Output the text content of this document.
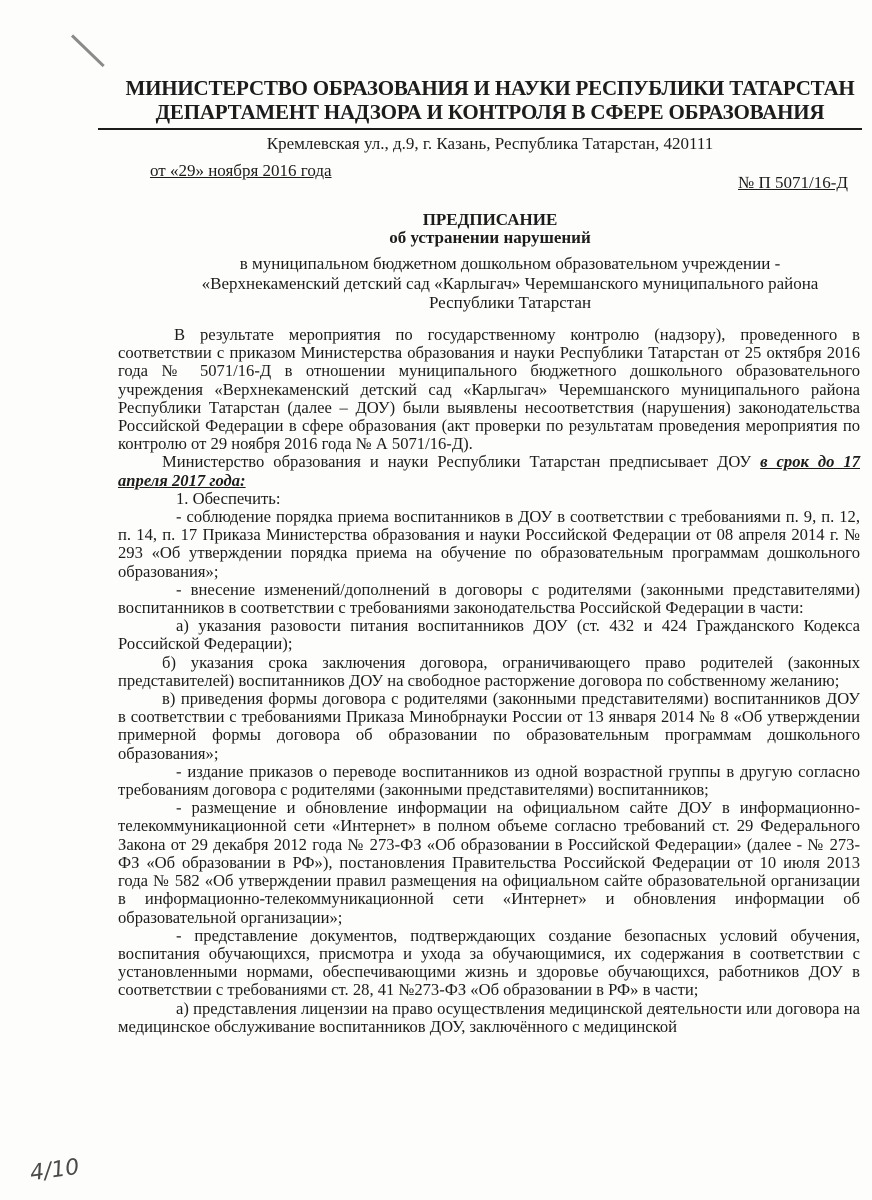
МИНИСТЕРСТВО ОБРАЗОВАНИЯ И НАУКИ РЕСПУБЛИКИ ТАТАРСТАН
ДЕПАРТАМЕНТ НАДЗОРА И КОНТРОЛЯ В СФЕРЕ ОБРАЗОВАНИЯ
Кремлевская ул., д.9, г. Казань, Республика Татарстан, 420111
от «29» ноября 2016 года
№ П 5071/16-Д
ПРЕДПИСАНИЕ
об устранении нарушений
в муниципальном бюджетном дошкольном образовательном учреждении -
«Верхнекаменский детский сад «Карлыгач» Черемшанского муниципального района
Республики Татарстан

В результате мероприятия по государственному контролю (надзору), проведенного в соответствии с приказом Министерства образования и науки Республики Татарстан от 25 октября 2016 года № 5071/16-Д в отношении муниципального бюджетного дошкольного образовательного учреждения «Верхнекаменский детский сад «Карлыгач» Черемшанского муниципального района Республики Татарстан (далее – ДОУ) были выявлены несоответствия (нарушения) законодательства Российской Федерации в сфере образования (акт проверки по результатам проведения мероприятия по контролю от 29 ноября 2016 года № А 5071/16-Д).

Министерство образования и науки Республики Татарстан предписывает ДОУ в срок до 17 апреля 2017 года:

1. Обеспечить:

- соблюдение порядка приема воспитанников в ДОУ в соответствии с требованиями п. 9, п. 12, п. 14, п. 17 Приказа Министерства образования и науки Российской Федерации от 08 апреля 2014 г. № 293 «Об утверждении порядка приема на обучение по образовательным программам дошкольного образования»;

- внесение изменений/дополнений в договоры с родителями (законными представителями) воспитанников в соответствии с требованиями законодательства Российской Федерации в части:

а) указания разовости питания воспитанников ДОУ (ст. 432 и 424 Гражданского Кодекса Российской Федерации);

б) указания срока заключения договора, ограничивающего право родителей (законных представителей) воспитанников ДОУ на свободное расторжение договора по собственному желанию;

в) приведения формы договора с родителями (законными представителями) воспитанников ДОУ в соответствии с требованиями Приказа Минобрнауки России от 13 января 2014 № 8 «Об утверждении примерной формы договора об образовании по образовательным программам дошкольного образования»;

- издание приказов о переводе воспитанников из одной возрастной группы в другую согласно требованиям договора с родителями (законными представителями) воспитанников;

- размещение и обновление информации на официальном сайте ДОУ в информационно-телекоммуникационной сети «Интернет» в полном объеме согласно требований ст. 29 Федерального Закона от 29 декабря 2012 года № 273-ФЗ «Об образовании в Российской Федерации» (далее - № 273-ФЗ «Об образовании в РФ»), постановления Правительства Российской Федерации от 10 июля 2013 года № 582 «Об утверждении правил размещения на официальном сайте образовательной организации в информационно-телекоммуникационной сети «Интернет» и обновления информации об образовательной организации»;

- представление документов, подтверждающих создание безопасных условий обучения, воспитания обучающихся, присмотра и ухода за обучающимися, их содержания в соответствии с установленными нормами, обеспечивающими жизнь и здоровье обучающихся, работников ДОУ в соответствии с требованиями ст. 28, 41 №273-ФЗ «Об образовании в РФ» в части;

а) представления лицензии на право осуществления медицинской деятельности или договора на медицинское обслуживание воспитанников ДОУ, заключённого с медицинской

4/10
